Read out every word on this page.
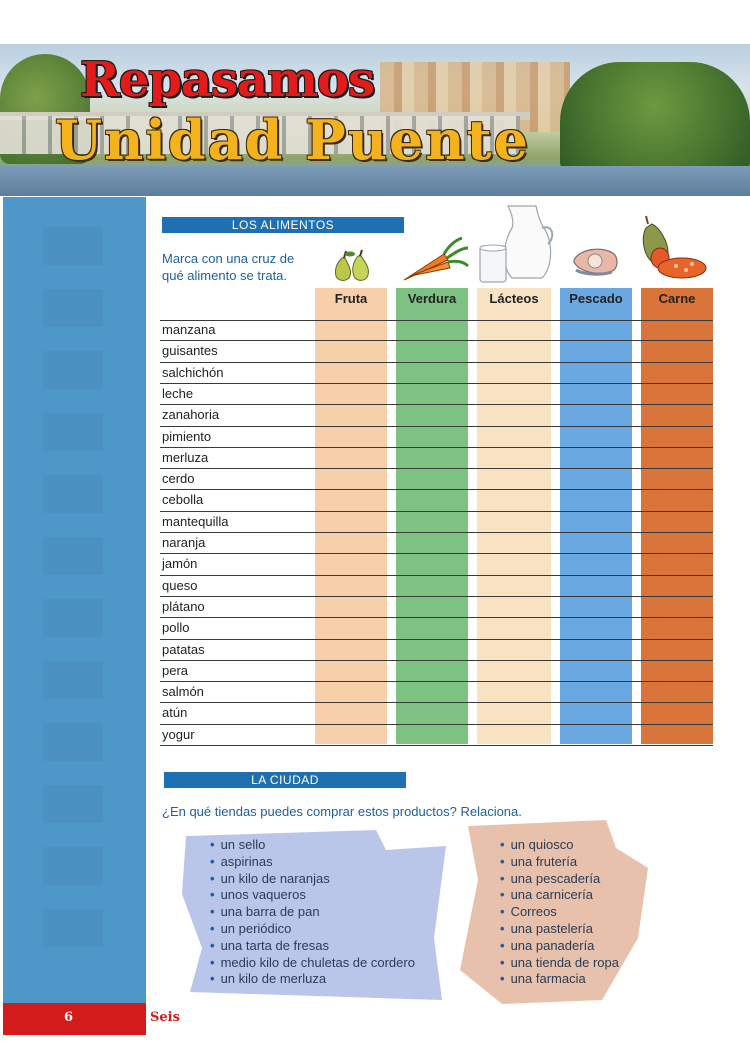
Repasamos
Unidad Puente
LOS ALIMENTOS
Marca con una cruz de
qué alimento se trata.
Fruta	Verdura	Lácteos	Pescado	Carne
manzana
guisantes
salchichón
leche
zanahoria
pimiento
merluza
cerdo
cebolla
mantequilla
naranja
jamón
queso
plátano
pollo
patatas
pera
salmón
atún
yogur
LA CIUDAD
¿En qué tiendas puedes comprar estos productos? Relaciona.
• un sello
• aspirinas
• un kilo de naranjas
• unos vaqueros
• una barra de pan
• un periódico
• una tarta de fresas
• medio kilo de chuletas de cordero
• un kilo de merluza
• un quiosco
• una frutería
• una pescadería
• una carnicería
• Correos
• una pastelería
• una panadería
• una tienda de ropa
• una farmacia
6	Seis
